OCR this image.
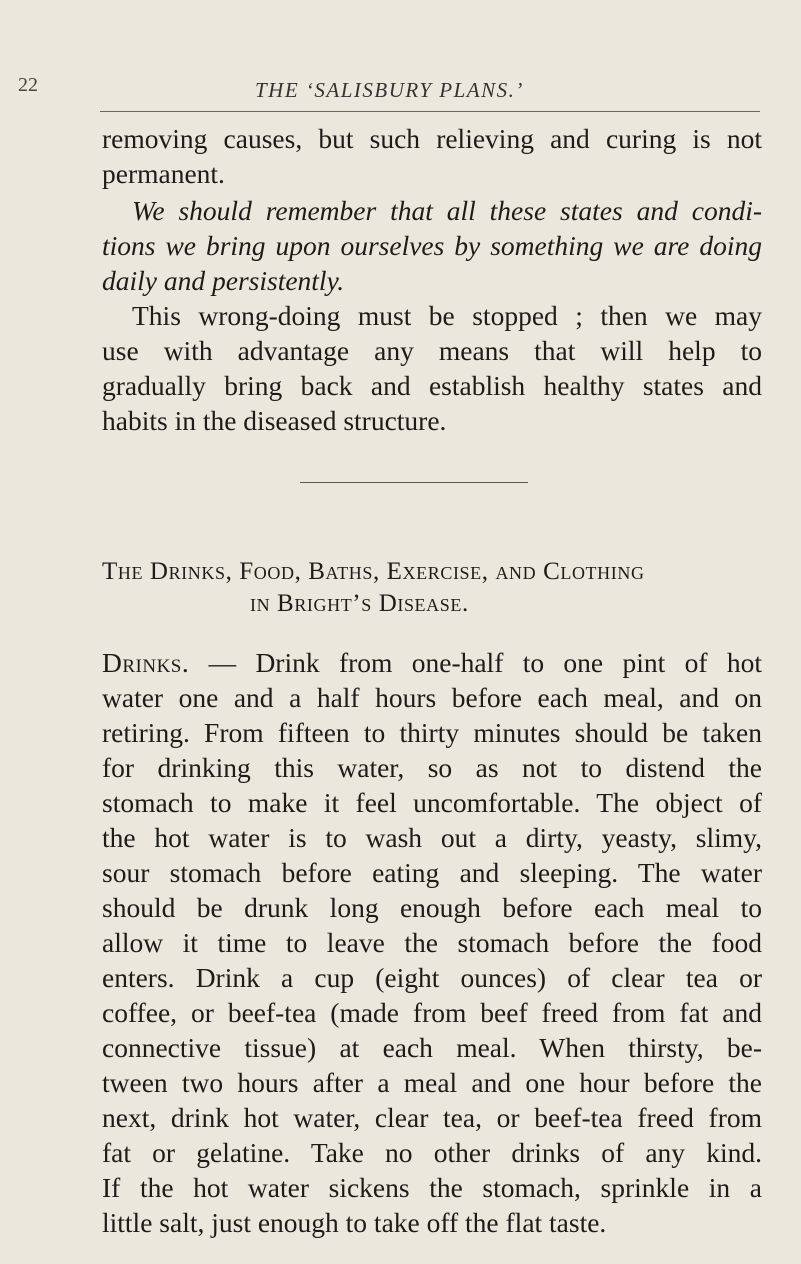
22	THE ‘SALISBURY PLANS.’
removing causes, but such relieving and curing is not
permanent.
We should remember that all these states and condi-
tions we bring upon ourselves by something we are doing
daily and persistently.
This wrong-doing must be stopped ; then we may
use with advantage any means that will help to
gradually bring back and establish healthy states and
habits in the diseased structure.
The Drinks, Food, Baths, Exercise, and Clothing
in Bright’s Disease.
Drinks. — Drink from one-half to one pint of hot
water one and a half hours before each meal, and on
retiring. From fifteen to thirty minutes should be taken
for drinking this water, so as not to distend the
stomach to make it feel uncomfortable. The object of
the hot water is to wash out a dirty, yeasty, slimy,
sour stomach before eating and sleeping. The water
should be drunk long enough before each meal to
allow it time to leave the stomach before the food
enters. Drink a cup (eight ounces) of clear tea or
coffee, or beef-tea (made from beef freed from fat and
connective tissue) at each meal. When thirsty, be-
tween two hours after a meal and one hour before the
next, drink hot water, clear tea, or beef-tea freed from
fat or gelatine. Take no other drinks of any kind.
If the hot water sickens the stomach, sprinkle in a
little salt, just enough to take off the flat taste.
